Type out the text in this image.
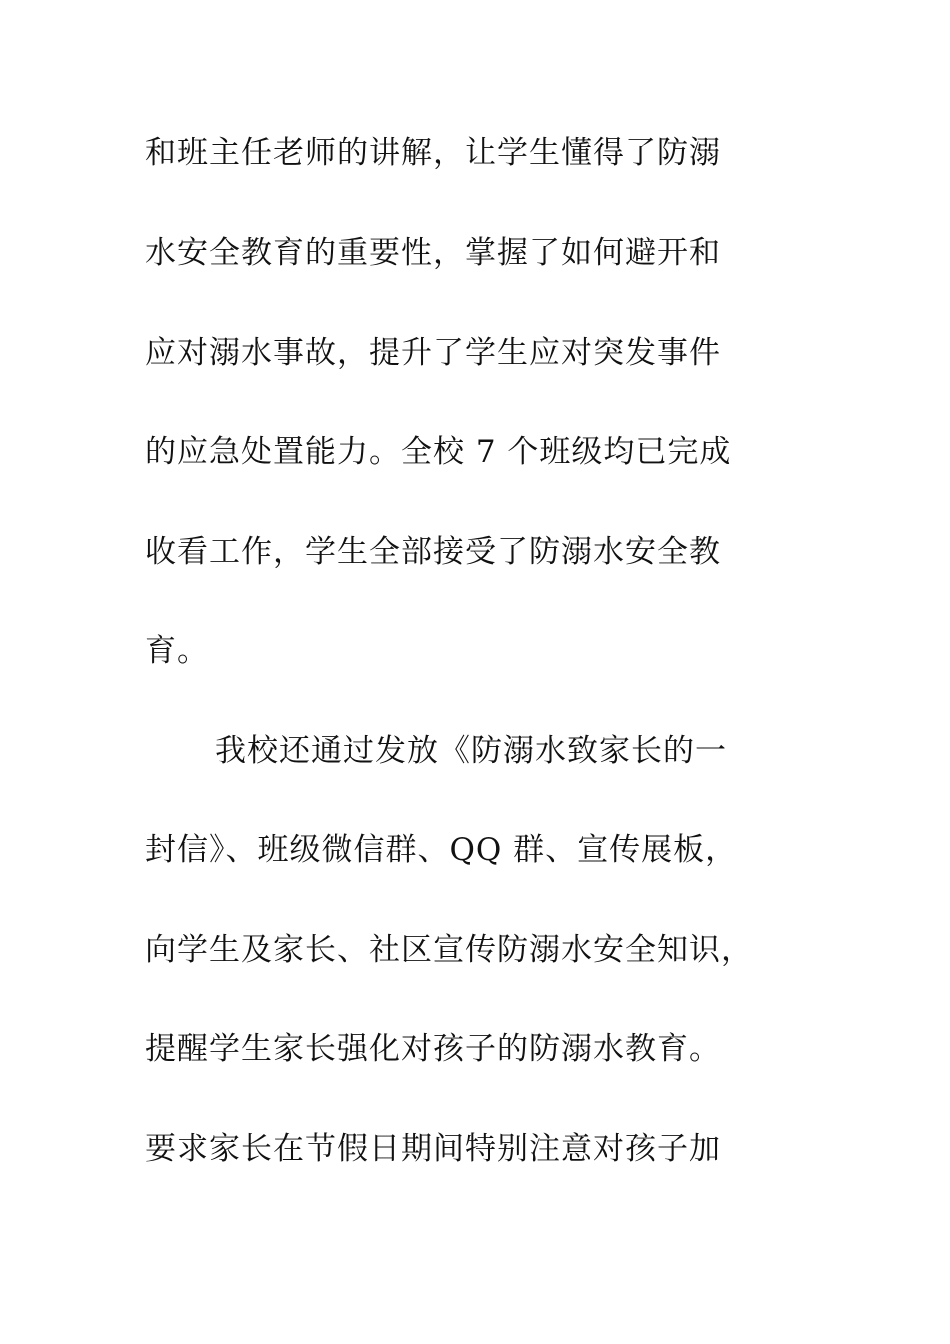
和班主任老师的讲解，让学生懂得了防溺
水安全教育的重要性，掌握了如何避开和
应对溺水事故，提升了学生应对突发事件
的应急处置能力。全校 7 个班级均已完成
收看工作，学生全部接受了防溺水安全教
育。
我校还通过发放《防溺水致家长的一
封信》、班级微信群、QQ 群、宣传展板，
向学生及家长、社区宣传防溺水安全知识，
提醒学生家长强化对孩子的防溺水教育。
要求家长在节假日期间特别注意对孩子加
